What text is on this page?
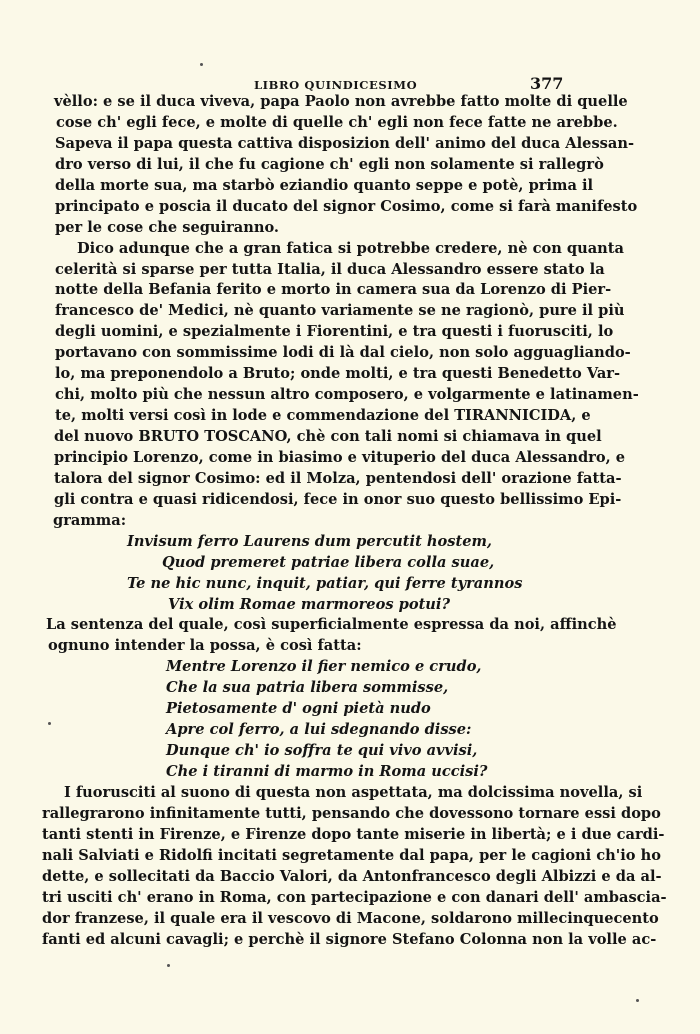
LIBRO QUINDICESIMO	377
vèllo: e se il duca viveva, papa Paolo non avrebbe fatto molte di quelle
cose ch' egli fece, e molte di quelle ch' egli non fece fatte ne arebbe.
Sapeva il papa questa cattiva disposizion dell' animo del duca Alessan-
dro verso di lui, il che fu cagione ch' egli non solamente si rallegrò
della morte sua, ma starbò eziandio quanto seppe e potè, prima il
principato e poscia il ducato del signor Cosimo, come si farà manifesto
per le cose che seguiranno.
Dico adunque che a gran fatica si potrebbe credere, nè con quanta
celerità si sparse per tutta Italia, il duca Alessandro essere stato la
notte della Befania ferito e morto in camera sua da Lorenzo di Pier-
francesco de' Medici, nè quanto variamente se ne ragionò, pure il più
degli uomini, e spezialmente i Fiorentini, e tra questi i fuorusciti, lo
portavano con sommissime lodi di là dal cielo, non solo agguagliando-
lo, ma preponendolo a Bruto; onde molti, e tra questi Benedetto Var-
chi, molto più che nessun altro composero, e volgarmente e latinamen-
te, molti versi così in lode e commendazione del TIRANNICIDA, e
del nuovo BRUTO TOSCANO, chè con tali nomi si chiamava in quel
principio Lorenzo, come in biasimo e vituperio del duca Alessandro, e
talora del signor Cosimo: ed il Molza, pentendosi dell' orazione fatta-
gli contra e quasi ridicendosi, fece in onor suo questo bellissimo Epi-
gramma:
Invisum ferro Laurens dum percutit hostem,
Quod premeret patriae libera colla suae,
Te ne hic nunc, inquit, patiar, qui ferre tyrannos
Vix olim Romae marmoreos potui?
La sentenza del quale, così superficialmente espressa da noi, affinchè
ognuno intender la possa, è così fatta:
Mentre Lorenzo il fier nemico e crudo,
Che la sua patria libera sommisse,
Pietosamente d' ogni pietà nudo
Apre col ferro, a lui sdegnando disse:
Dunque ch' io soffra te qui vivo avvisi,
Che i tiranni di marmo in Roma uccisi?
I fuorusciti al suono di questa non aspettata, ma dolcissima novella, si
rallegrarono infinitamente tutti, pensando che dovessono tornare essi dopo
tanti stenti in Firenze, e Firenze dopo tante miserie in libertà; e i due cardi-
nali Salviati e Ridolfi incitati segretamente dal papa, per le cagioni ch'io ho
dette, e sollecitati da Baccio Valori, da Antonfrancesco degli Albizzi e da al-
tri usciti ch' erano in Roma, con partecipazione e con danari dell' ambascia-
dor franzese, il quale era il vescovo di Macone, soldarono millecinquecento
fanti ed alcuni cavagli; e perchè il signore Stefano Colonna non la volle ac-
